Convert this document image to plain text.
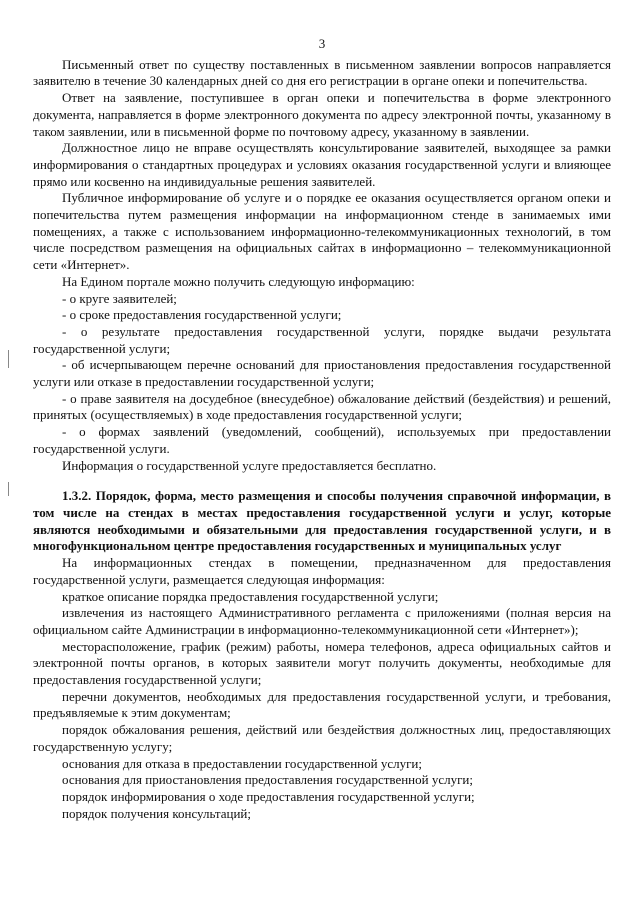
3

Письменный ответ по существу поставленных в письменном заявлении вопросов направляется заявителю в течение 30 календарных дней со дня его регистрации в органе опеки и попечительства.

Ответ на заявление, поступившее в орган опеки и попечительства в форме электронного документа, направляется в форме электронного документа по адресу электронной почты, указанному в таком заявлении, или в письменной форме по почтовому адресу, указанному в заявлении.

Должностное лицо не вправе осуществлять консультирование заявителей, выходящее за рамки информирования о стандартных процедурах и условиях оказания государственной услуги и влияющее прямо или косвенно на индивидуальные решения заявителей.

Публичное информирование об услуге и о порядке ее оказания осуществляется органом опеки и попечительства путем размещения информации на информационном стенде в занимаемых ими помещениях, а также с использованием информационно-телекоммуникационных технологий, в том числе посредством размещения на официальных сайтах в информационно – телекоммуникационной сети «Интернет».

На Едином портале можно получить следующую информацию:

- о круге заявителей;

- о сроке предоставления государственной услуги;

- о результате предоставления государственной услуги, порядке выдачи результата государственной услуги;

- об исчерпывающем перечне оснований для приостановления предоставления государственной услуги или отказе в предоставлении государственной услуги;

- о праве заявителя на досудебное (внесудебное) обжалование действий (бездействия) и решений, принятых (осуществляемых) в ходе предоставления государственной услуги;

- о формах заявлений (уведомлений, сообщений), используемых при предоставлении государственной услуги.

Информация о государственной услуге предоставляется бесплатно.

1.3.2. Порядок, форма, место размещения и способы получения справочной информации, в том числе на стендах в местах предоставления государственной услуги и услуг, которые являются необходимыми и обязательными для предоставления государственной услуги, и в многофункциональном центре предоставления государственных и муниципальных услуг

На информационных стендах в помещении, предназначенном для предоставления государственной услуги, размещается следующая информация:

краткое описание порядка предоставления государственной услуги;

извлечения из настоящего Административного регламента с приложениями (полная версия на официальном сайте Администрации в информационно-телекоммуникационной сети «Интернет»);

месторасположение, график (режим) работы, номера телефонов, адреса официальных сайтов и электронной почты органов, в которых заявители могут получить документы, необходимые для предоставления государственной услуги;

перечни документов, необходимых для предоставления государственной услуги, и требования, предъявляемые к этим документам;

порядок обжалования решения, действий или бездействия должностных лиц, предоставляющих государственную услугу;

основания для отказа в предоставлении государственной услуги;

основания для приостановления предоставления государственной услуги;

порядок информирования о ходе предоставления государственной услуги;

порядок получения консультаций;
